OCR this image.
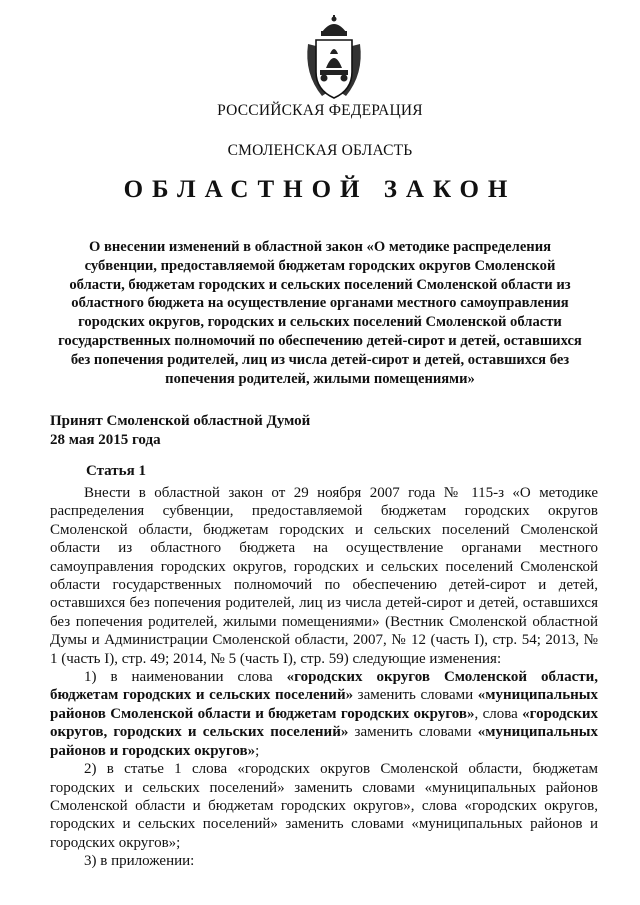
РОССИЙСКАЯ ФЕДЕРАЦИЯ
СМОЛЕНСКАЯ ОБЛАСТЬ
ОБЛАСТНОЙ ЗАКОН
О внесении изменений в областной закон «О методике распределения субвенции, предоставляемой бюджетам городских округов Смоленской области, бюджетам городских и сельских поселений Смоленской области из областного бюджета на осуществление органами местного самоуправления городских округов, городских и сельских поселений Смоленской области государственных полномочий по обеспечению детей-сирот и детей, оставшихся без попечения родителей, лиц из числа детей-сирот и детей, оставшихся без попечения родителей, жилыми помещениями»
Принят Смоленской областной Думой
28 мая 2015 года
Статья 1

Внести в областной закон от 29 ноября 2007 года № 115-з «О методике распределения субвенции, предоставляемой бюджетам городских округов Смоленской области, бюджетам городских и сельских поселений Смоленской области из областного бюджета на осуществление органами местного самоуправления городских округов, городских и сельских поселений Смоленской области государственных полномочий по обеспечению детей-сирот и детей, оставшихся без попечения родителей, лиц из числа детей-сирот и детей, оставшихся без попечения родителей, жилыми помещениями» (Вестник Смоленской областной Думы и Администрации Смоленской области, 2007, № 12 (часть I), стр. 54; 2013, № 1 (часть I), стр. 49; 2014, № 5 (часть I), стр. 59) следующие изменения:

1) в наименовании слова «городских округов Смоленской области, бюджетам городских и сельских поселений» заменить словами «муниципальных районов Смоленской области и бюджетам городских округов», слова «городских округов, городских и сельских поселений» заменить словами «муниципальных районов и городских округов»;

2) в статье 1 слова «городских округов Смоленской области, бюджетам городских и сельских поселений» заменить словами «муниципальных районов Смоленской области и бюджетам городских округов», слова «городских округов, городских и сельских поселений» заменить словами «муниципальных районов и городских округов»;

3) в приложении:
